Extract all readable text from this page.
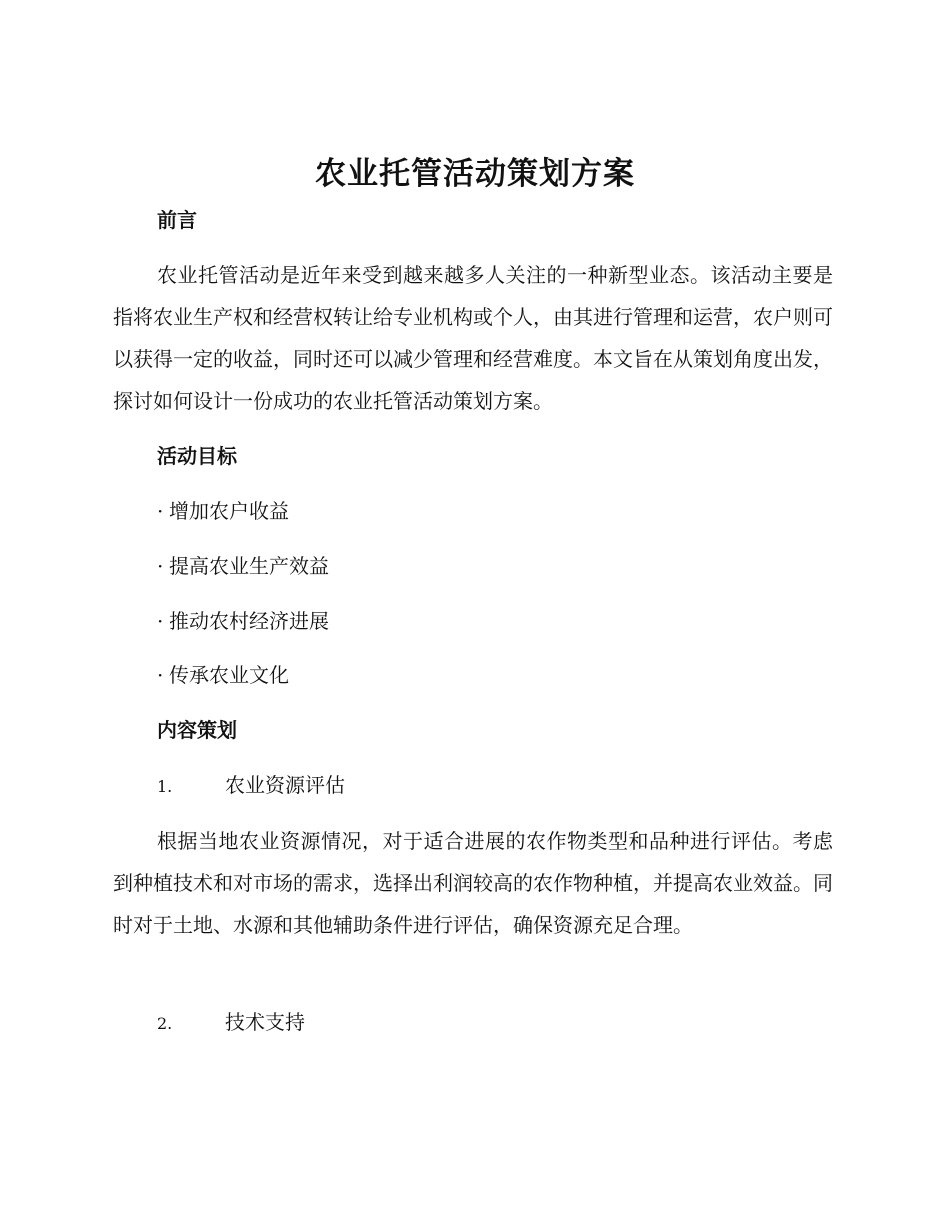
农业托管活动策划方案
前言

农业托管活动是近年来受到越来越多人关注的一种新型业态。该活动主要是指将农业生产权和经营权转让给专业机构或个人，由其进行管理和运营，农户则可以获得一定的收益，同时还可以减少管理和经营难度。本文旨在从策划角度出发，探讨如何设计一份成功的农业托管活动策划方案。

活动目标

· 增加农户收益

· 提高农业生产效益

· 推动农村经济进展

· 传承农业文化

内容策划

1.	农业资源评估

根据当地农业资源情况，对于适合进展的农作物类型和品种进行评估。考虑到种植技术和对市场的需求，选择出利润较高的农作物种植，并提高农业效益。同时对于土地、水源和其他辅助条件进行评估，确保资源充足合理。

2.	技术支持
